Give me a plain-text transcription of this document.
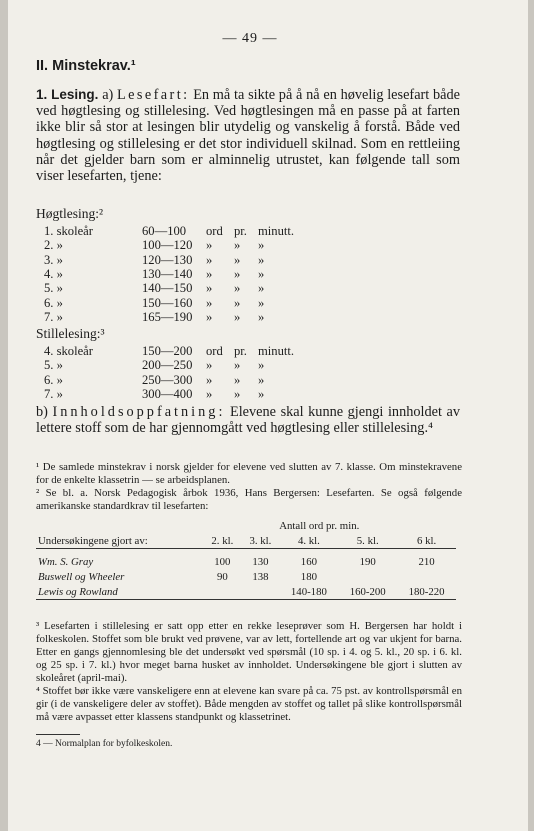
— 49 —
II. Minstekrav.¹
1. Lesing. a) Lesefart: En må ta sikte på å nå en høvelig lesefart både ved høgtlesing og stillelesing. Ved høgtlesingen må en passe på at farten ikke blir så stor at lesingen blir utydelig og vanskelig å forstå. Både ved høgtlesing og stillelesing er det stor individuell skilnad. Som en rettleiing når det gjelder barn som er alminnelig utrustet, kan følgende tall som viser lesefarten, tjene:
Høgtlesing:²
1. skoleår	60—100 ord pr. minutt.
2. »	100—120 » » »
3. »	120—130 » » »
4. »	130—140 » » »
5. »	140—150 » » »
6. »	150—160 » » »
7. »	165—190 » » »
Stillelesing:³
4. skoleår	150—200 ord pr. minutt.
5. »	200—250 » » »
6. »	250—300 » » »
7. »	300—400 » » »
b) Innholdsoppfatning: Elevene skal kunne gjengi innholdet av lettere stoff som de har gjennomgått ved høgtlesing eller stillelesing.⁴
¹ De samlede minstekrav i norsk gjelder for elevene ved slutten av 7. klasse. Om minstekravene for de enkelte klassetrin — se arbeidsplanen.
² Se bl. a. Norsk Pedagogisk årbok 1936, Hans Bergersen: Lesefarten. Se også følgende amerikanske standardkrav til lesefarten:
		Antall ord pr. min.			
Undersøkingene gjort av:	2. kl.	3. kl.	4. kl.	5. kl.	6 kl.

Wm. S. Gray	100	130	160	190	210
Buswell og Wheeler	90	138	180		
Lewis og Rowland			140-180	160-200	180-220
³ Lesefarten i stillelesing er satt opp etter en rekke leseprøver som H. Bergersen har holdt i folkeskolen. Stoffet som ble brukt ved prøvene, var av lett, fortellende art og var ukjent for barna. Etter en gangs gjennomlesing ble det undersøkt ved spørsmål (10 sp. i 4. og 5. kl., 20 sp. i 6. kl. og 25 sp. i 7. kl.) hvor meget barna husket av innholdet. Undersøkingene ble gjort i slutten av skoleåret (april-mai).
⁴ Stoffet bør ikke være vanskeligere enn at elevene kan svare på ca. 75 pst. av kontrollspørsmål en gir (i de vanskeligere deler av stoffet). Både mengden av stoffet og tallet på slike kontrollspørsmål må være avpasset etter klassens standpunkt og klassetrinet.
4 — Normalplan for byfolkeskolen.
